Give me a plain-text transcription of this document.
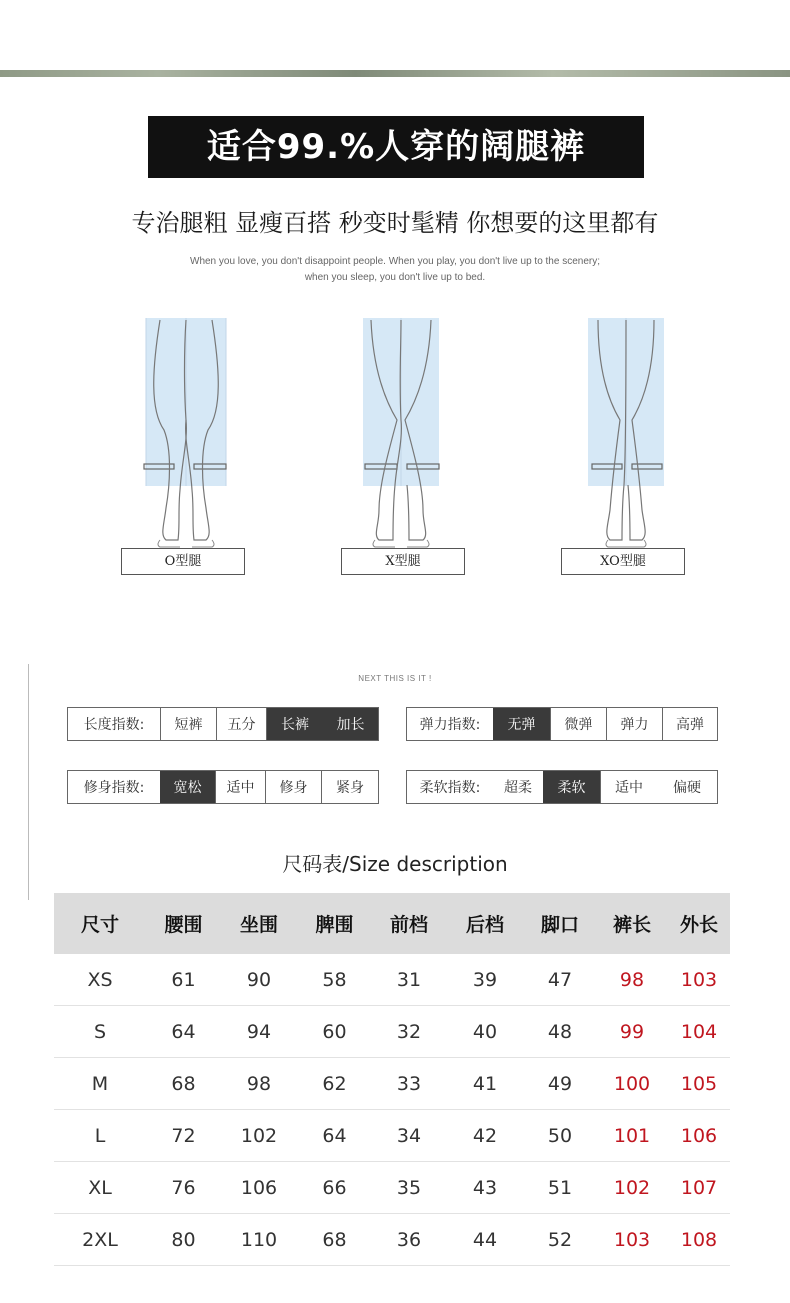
适合99.%人穿的阔腿裤
专治腿粗 显瘦百搭 秒变时髦精 你想要的这里都有
When you love, you don't disappoint people. When you play, you don't live up to the scenery;
when you sleep, you don't live up to bed.
O型腿	X型腿	XO型腿
NEXT THIS IS IT !
长度指数:	短裤	五分	长裤	加长	弹力指数:	无弹	微弹	弹力	高弹
修身指数:	宽松	适中	修身	紧身	柔软指数:	超柔	柔软	适中	偏硬
尺码表/Size description
尺寸	腰围	坐围	脾围	前档	后档	脚口	裤长	外长
XS	61	90	58	31	39	47	98	103
S	64	94	60	32	40	48	99	104
M	68	98	62	33	41	49	100	105
L	72	102	64	34	42	50	101	106
XL	76	106	66	35	43	51	102	107
2XL	80	110	68	36	44	52	103	108
